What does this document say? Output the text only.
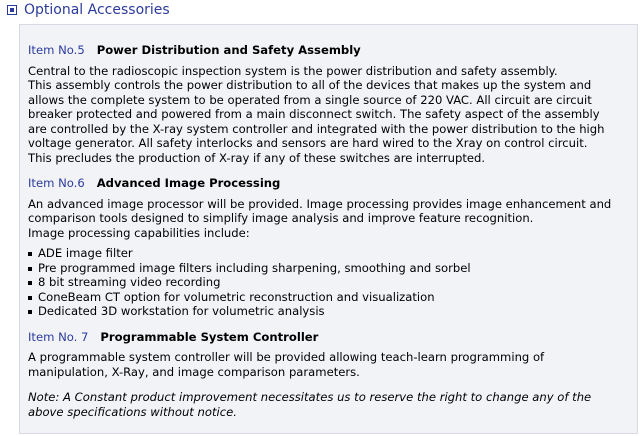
Optional Accessories
Item No.5 Power Distribution and Safety Assembly

Central to the radioscopic inspection system is the power distribution and safety assembly.

This assembly controls the power distribution to all of the devices that makes up the system and

allows the complete system to be operated from a single source of 220 VAC. All circuit are circuit

breaker protected and powered from a main disconnect switch. The safety aspect of the assembly

are controlled by the X-ray system controller and integrated with the power distribution to the high

voltage generator. All safety interlocks and sensors are hard wired to the Xray on control circuit.

This precludes the production of X-ray if any of these switches are interrupted.

Item No.6 Advanced Image Processing

An advanced image processor will be provided. Image processing provides image enhancement and

comparison tools designed to simplify image analysis and improve feature recognition.

Image processing capabilities include:

ADE image filter
Pre programmed image filters including sharpening, smoothing and sorbel
8 bit streaming video recording
ConeBeam CT option for volumetric reconstruction and visualization
Dedicated 3D workstation for volumetric analysis
Item No. 7 Programmable System Controller

A programmable system controller will be provided allowing teach-learn programming of

manipulation, X-Ray, and image comparison parameters.

Note: A Constant product improvement necessitates us to reserve the right to change any of the

above specifications without notice.
